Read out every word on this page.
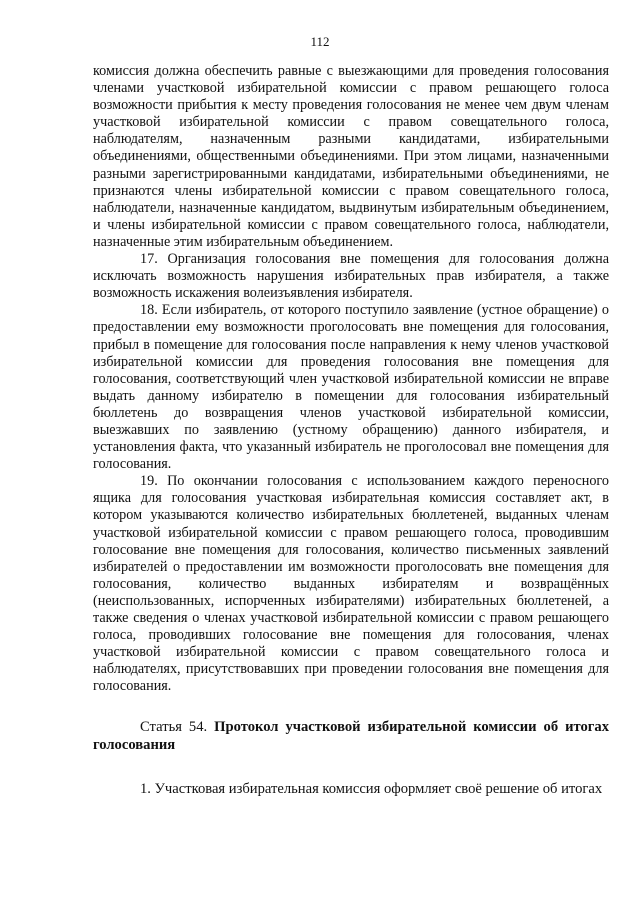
112

комиссия должна обеспечить равные с выезжающими для проведения голосования членами участковой избирательной комиссии с правом решающего голоса возможности прибытия к месту проведения голосования не менее чем двум членам участковой избирательной комиссии с правом совещательного голоса, наблюдателям, назначенным разными кандидатами, избирательными объединениями, общественными объединениями. При этом лицами, назначенными разными зарегистрированными кандидатами, избирательными объединениями, не признаются члены избирательной комиссии с правом совещательного голоса, наблюдатели, назначенные кандидатом, выдвинутым избирательным объединением, и члены избирательной комиссии с правом совещательного голоса, наблюдатели, назначенные этим избирательным объединением.

17. Организация голосования вне помещения для голосования должна исключать возможность нарушения избирательных прав избирателя, а также возможность искажения волеизъявления избирателя.

18. Если избиратель, от которого поступило заявление (устное обращение) о предоставлении ему возможности проголосовать вне помещения для голосования, прибыл в помещение для голосования после направления к нему членов участковой избирательной комиссии для проведения голосования вне помещения для голосования, соответствующий член участковой избирательной комиссии не вправе выдать данному избирателю в помещении для голосования избирательный бюллетень до возвращения членов участковой избирательной комиссии, выезжавших по заявлению (устному обращению) данного избирателя, и установления факта, что указанный избиратель не проголосовал вне помещения для голосования.

19. По окончании голосования с использованием каждого переносного ящика для голосования участковая избирательная комиссия составляет акт, в котором указываются количество избирательных бюллетеней, выданных членам участковой избирательной комиссии с правом решающего голоса, проводившим голосование вне помещения для голосования, количество письменных заявлений избирателей о предоставлении им возможности проголосовать вне помещения для голосования, количество выданных избирателям и возвращённых (неиспользованных, испорченных избирателями) избирательных бюллетеней, а также сведения о членах участковой избирательной комиссии с правом решающего голоса, проводивших голосование вне помещения для голосования, членах участковой избирательной комиссии с правом совещательного голоса и наблюдателях, присутствовавших при проведении голосования вне помещения для голосования.

Статья 54. Протокол участковой избирательной комиссии об итогах голосования

1. Участковая избирательная комиссия оформляет своё решение об итогах
